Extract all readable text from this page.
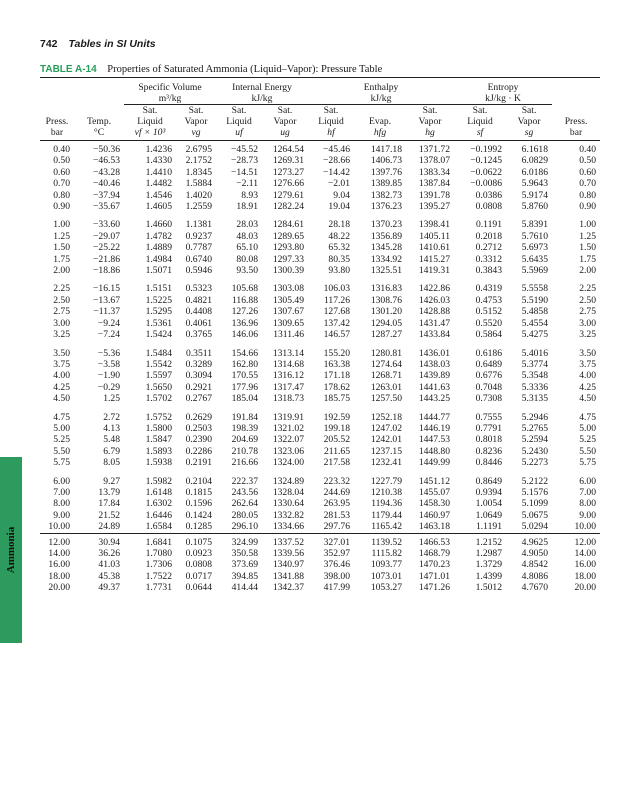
742 Tables in SI Units
TABLE A-14 Properties of Saturated Ammonia (Liquid–Vapor): Pressure Table
		Specific Volume		Internal Energy		Enthalpy			Entropy		
		m³/kg		kJ/kg		kJ/kg			kJ/kg · K		
		Sat.	Sat.	Sat.	Sat.	Sat.		Sat.	Sat.	Sat.	
Press.	Temp.	Liquid	Vapor	Liquid	Vapor	Liquid	Evap.	Vapor	Liquid	Vapor	Press.
bar	°C	vf × 10³	vg	uf	ug	hf	hfg	hg	sf	sg	bar
0.40	−50.36	1.4236	2.6795	−45.52	1264.54	−45.46	1417.18	1371.72	−0.1992	6.1618	0.40
0.50	−46.53	1.4330	2.1752	−28.73	1269.31	−28.66	1406.73	1378.07	−0.1245	6.0829	0.50
0.60	−43.28	1.4410	1.8345	−14.51	1273.27	−14.42	1397.76	1383.34	−0.0622	6.0186	0.60
0.70	−40.46	1.4482	1.5884	−2.11	1276.66	−2.01	1389.85	1387.84	−0.0086	5.9643	0.70
0.80	−37.94	1.4546	1.4020	8.93	1279.61	9.04	1382.73	1391.78	0.0386	5.9174	0.80
0.90	−35.67	1.4605	1.2559	18.91	1282.24	19.04	1376.23	1395.27	0.0808	5.8760	0.90
1.00	−33.60	1.4660	1.1381	28.03	1284.61	28.18	1370.23	1398.41	0.1191	5.8391	1.00
1.25	−29.07	1.4782	0.9237	48.03	1289.65	48.22	1356.89	1405.11	0.2018	5.7610	1.25
1.50	−25.22	1.4889	0.7787	65.10	1293.80	65.32	1345.28	1410.61	0.2712	5.6973	1.50
1.75	−21.86	1.4984	0.6740	80.08	1297.33	80.35	1334.92	1415.27	0.3312	5.6435	1.75
2.00	−18.86	1.5071	0.5946	93.50	1300.39	93.80	1325.51	1419.31	0.3843	5.5969	2.00
2.25	−16.15	1.5151	0.5323	105.68	1303.08	106.03	1316.83	1422.86	0.4319	5.5558	2.25
2.50	−13.67	1.5225	0.4821	116.88	1305.49	117.26	1308.76	1426.03	0.4753	5.5190	2.50
2.75	−11.37	1.5295	0.4408	127.26	1307.67	127.68	1301.20	1428.88	0.5152	5.4858	2.75
3.00	−9.24	1.5361	0.4061	136.96	1309.65	137.42	1294.05	1431.47	0.5520	5.4554	3.00
3.25	−7.24	1.5424	0.3765	146.06	1311.46	146.57	1287.27	1433.84	0.5864	5.4275	3.25
3.50	−5.36	1.5484	0.3511	154.66	1313.14	155.20	1280.81	1436.01	0.6186	5.4016	3.50
3.75	−3.58	1.5542	0.3289	162.80	1314.68	163.38	1274.64	1438.03	0.6489	5.3774	3.75
4.00	−1.90	1.5597	0.3094	170.55	1316.12	171.18	1268.71	1439.89	0.6776	5.3548	4.00
4.25	−0.29	1.5650	0.2921	177.96	1317.47	178.62	1263.01	1441.63	0.7048	5.3336	4.25
4.50	1.25	1.5702	0.2767	185.04	1318.73	185.75	1257.50	1443.25	0.7308	5.3135	4.50
4.75	2.72	1.5752	0.2629	191.84	1319.91	192.59	1252.18	1444.77	0.7555	5.2946	4.75
5.00	4.13	1.5800	0.2503	198.39	1321.02	199.18	1247.02	1446.19	0.7791	5.2765	5.00
5.25	5.48	1.5847	0.2390	204.69	1322.07	205.52	1242.01	1447.53	0.8018	5.2594	5.25
5.50	6.79	1.5893	0.2286	210.78	1323.06	211.65	1237.15	1448.80	0.8236	5.2430	5.50
5.75	8.05	1.5938	0.2191	216.66	1324.00	217.58	1232.41	1449.99	0.8446	5.2273	5.75
6.00	9.27	1.5982	0.2104	222.37	1324.89	223.32	1227.79	1451.12	0.8649	5.2122	6.00
7.00	13.79	1.6148	0.1815	243.56	1328.04	244.69	1210.38	1455.07	0.9394	5.1576	7.00
8.00	17.84	1.6302	0.1596	262.64	1330.64	263.95	1194.36	1458.30	1.0054	5.1099	8.00
9.00	21.52	1.6446	0.1424	280.05	1332.82	281.53	1179.44	1460.97	1.0649	5.0675	9.00
10.00	24.89	1.6584	0.1285	296.10	1334.66	297.76	1165.42	1463.18	1.1191	5.0294	10.00
12.00	30.94	1.6841	0.1075	324.99	1337.52	327.01	1139.52	1466.53	1.2152	4.9625	12.00
14.00	36.26	1.7080	0.0923	350.58	1339.56	352.97	1115.82	1468.79	1.2987	4.9050	14.00
16.00	41.03	1.7306	0.0808	373.69	1340.97	376.46	1093.77	1470.23	1.3729	4.8542	16.00
18.00	45.38	1.7522	0.0717	394.85	1341.88	398.00	1073.01	1471.01	1.4399	4.8086	18.00
20.00	49.37	1.7731	0.0644	414.44	1342.37	417.99	1053.27	1471.26	1.5012	4.7670	20.00
Ammonia
